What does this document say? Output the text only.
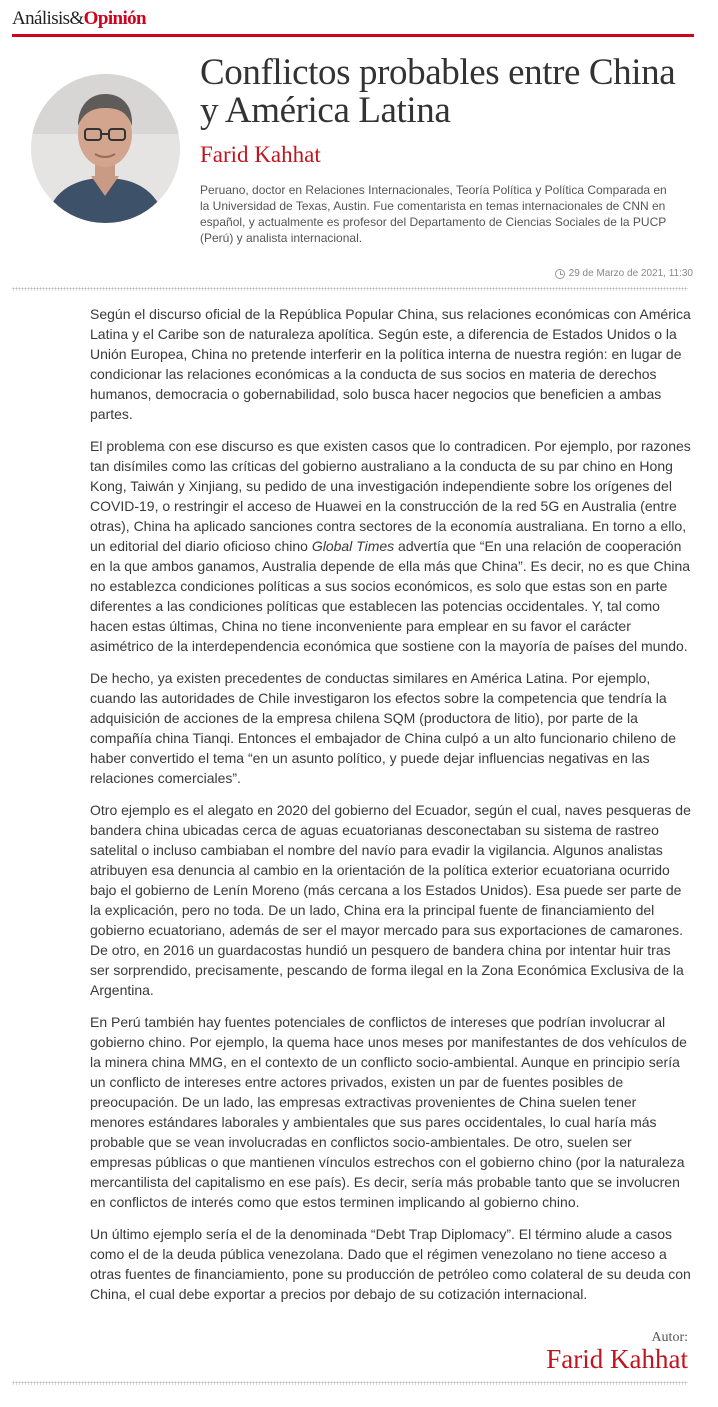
Análisis&Opinión
Conflictos probables entre China y América Latina
Farid Kahhat
Peruano, doctor en Relaciones Internacionales, Teoría Política y Política Comparada en la Universidad de Texas, Austin. Fue comentarista en temas internacionales de CNN en español, y actualmente es profesor del Departamento de Ciencias Sociales de la PUCP (Perú) y analista internacional.
29 de Marzo de 2021, 11:30

Según el discurso oficial de la República Popular China, sus relaciones económicas con América Latina y el Caribe son de naturaleza apolítica. Según este, a diferencia de Estados Unidos o la Unión Europea, China no pretende interferir en la política interna de nuestra región: en lugar de condicionar las relaciones económicas a la conducta de sus socios en materia de derechos humanos, democracia o gobernabilidad, solo busca hacer negocios que beneficien a ambas partes.

El problema con ese discurso es que existen casos que lo contradicen. Por ejemplo, por razones tan disímiles como las críticas del gobierno australiano a la conducta de su par chino en Hong Kong, Taiwán y Xinjiang, su pedido de una investigación independiente sobre los orígenes del COVID-19, o restringir el acceso de Huawei en la construcción de la red 5G en Australia (entre otras), China ha aplicado sanciones contra sectores de la economía australiana. En torno a ello, un editorial del diario oficioso chino Global Times advertía que “En una relación de cooperación en la que ambos ganamos, Australia depende de ella más que China”. Es decir, no es que China no establezca condiciones políticas a sus socios económicos, es solo que estas son en parte diferentes a las condiciones políticas que establecen las potencias occidentales. Y, tal como hacen estas últimas, China no tiene inconveniente para emplear en su favor el carácter asimétrico de la interdependencia económica que sostiene con la mayoría de países del mundo.

De hecho, ya existen precedentes de conductas similares en América Latina. Por ejemplo, cuando las autoridades de Chile investigaron los efectos sobre la competencia que tendría la adquisición de acciones de la empresa chilena SQM (productora de litio), por parte de la compañía china Tianqi. Entonces el embajador de China culpó a un alto funcionario chileno de haber convertido el tema “en un asunto político, y puede dejar influencias negativas en las relaciones comerciales”.

Otro ejemplo es el alegato en 2020 del gobierno del Ecuador, según el cual, naves pesqueras de bandera china ubicadas cerca de aguas ecuatorianas desconectaban su sistema de rastreo satelital o incluso cambiaban el nombre del navío para evadir la vigilancia. Algunos analistas atribuyen esa denuncia al cambio en la orientación de la política exterior ecuatoriana ocurrido bajo el gobierno de Lenín Moreno (más cercana a los Estados Unidos). Esa puede ser parte de la explicación, pero no toda. De un lado, China era la principal fuente de financiamiento del gobierno ecuatoriano, además de ser el mayor mercado para sus exportaciones de camarones. De otro, en 2016 un guardacostas hundió un pesquero de bandera china por intentar huir tras ser sorprendido, precisamente, pescando de forma ilegal en la Zona Económica Exclusiva de la Argentina.

En Perú también hay fuentes potenciales de conflictos de intereses que podrían involucrar al gobierno chino. Por ejemplo, la quema hace unos meses por manifestantes de dos vehículos de la minera china MMG, en el contexto de un conflicto socio-ambiental. Aunque en principio sería un conflicto de intereses entre actores privados, existen un par de fuentes posibles de preocupación. De un lado, las empresas extractivas provenientes de China suelen tener menores estándares laborales y ambientales que sus pares occidentales, lo cual haría más probable que se vean involucradas en conflictos socio-ambientales. De otro, suelen ser empresas públicas o que mantienen vínculos estrechos con el gobierno chino (por la naturaleza mercantilista del capitalismo en ese país). Es decir, sería más probable tanto que se involucren en conflictos de interés como que estos terminen implicando al gobierno chino.

Un último ejemplo sería el de la denominada “Debt Trap Diplomacy”. El término alude a casos como el de la deuda pública venezolana. Dado que el régimen venezolano no tiene acceso a otras fuentes de financiamiento, pone su producción de petróleo como colateral de su deuda con China, el cual debe exportar a precios por debajo de su cotización internacional.

Autor:
Farid Kahhat
